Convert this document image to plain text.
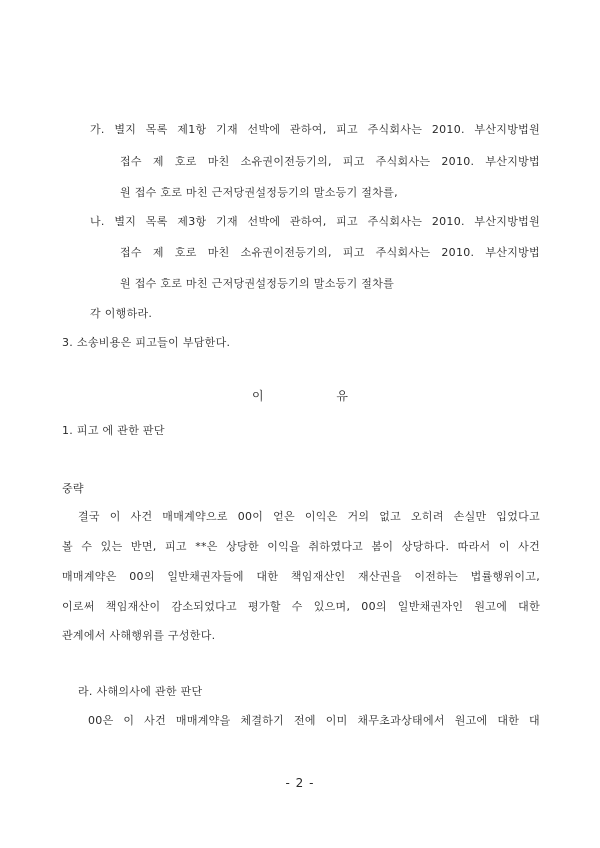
가. 별지 목록 제1항 기재 선박에 관하여, 피고 주식회사는 2010. 부산지방법원
접수 제 호로 마친 소유권이전등기의, 피고 주식회사는 2010. 부산지방법
원 접수 호로 마친 근저당권설정등기의 말소등기 절차를,
나. 별지 목록 제3항 기재 선박에 관하여, 피고 주식회사는 2010. 부산지방법원
접수 제 호로 마친 소유권이전등기의, 피고 주식회사는 2010. 부산지방법
원 접수 호로 마친 근저당권설정등기의 말소등기 절차를
각 이행하라.
3. 소송비용은 피고들이 부담한다.
이	유
1. 피고 에 관한 판단
중략
결국 이 사건 매매계약으로 00이 얻은 이익은 거의 없고 오히려 손실만 입었다고
볼 수 있는 반면, 피고 **은 상당한 이익을 취하였다고 봄이 상당하다. 따라서 이 사건
매매계약은 00의 일반채권자들에 대한 책임재산인 재산권을 이전하는 법률행위이고,
이로써 책임재산이 감소되었다고 평가할 수 있으며, 00의 일반채권자인 원고에 대한
관계에서 사해행위를 구성한다.
라. 사해의사에 관한 판단
00은 이 사건 매매계약을 체결하기 전에 이미 채무초과상태에서 원고에 대한 대
- 2 -
